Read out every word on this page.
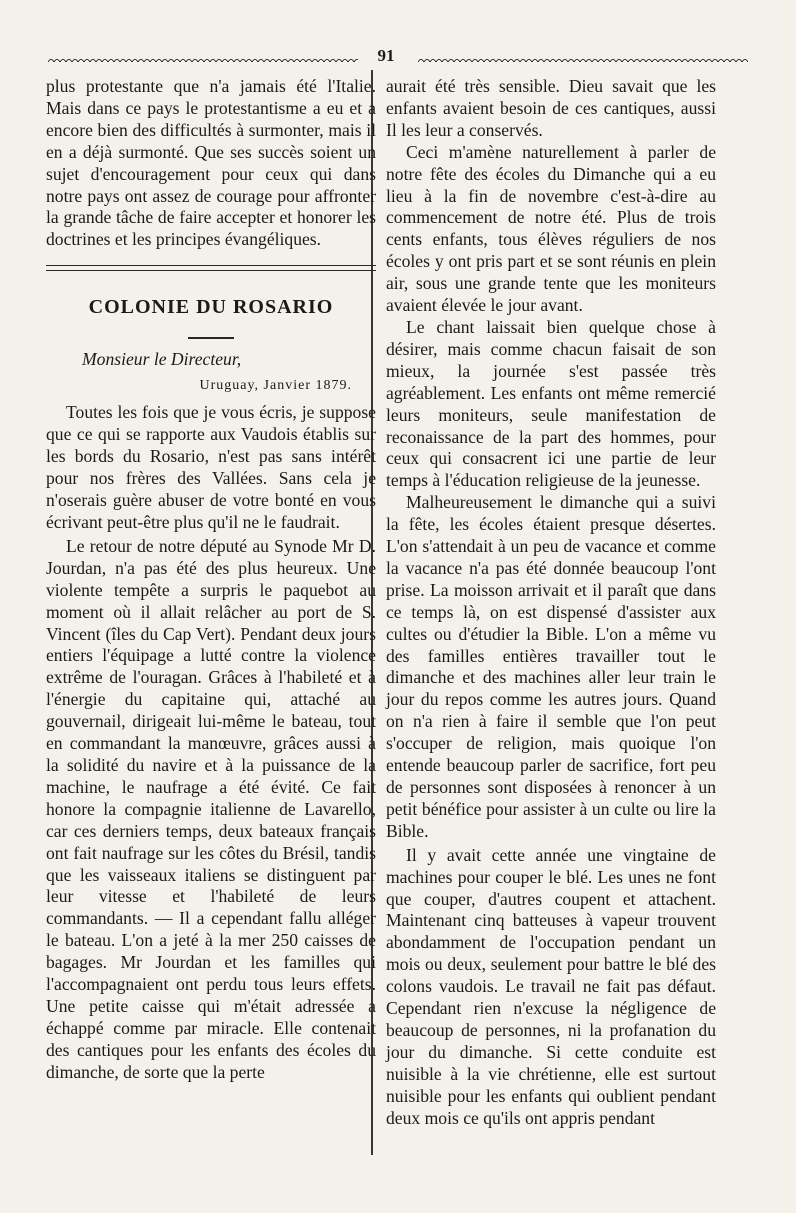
91

plus protestante que n'a jamais été l'Italie. Mais dans ce pays le protestantisme a eu et a encore bien des difficultés à surmonter, mais il en a déjà surmonté. Que ses succès soient un sujet d'encouragement pour ceux qui dans notre pays ont assez de courage pour affronter la grande tâche de faire accepter et honorer les doctrines et les principes évangéliques.

COLONIE DU ROSARIO

Monsieur le Directeur,

Uruguay, Janvier 1879.

Toutes les fois que je vous écris, je suppose que ce qui se rapporte aux Vaudois établis sur les bords du Rosario, n'est pas sans intérêt pour nos frères des Vallées. Sans cela je n'oserais guère abuser de votre bonté en vous écrivant peut-être plus qu'il ne le faudrait.

Le retour de notre député au Synode Mr D. Jourdan, n'a pas été des plus heureux. Une violente tempête a surpris le paquebot au moment où il allait relâcher au port de S. Vincent (îles du Cap Vert). Pendant deux jours entiers l'équipage a lutté contre la violence extrême de l'ouragan. Grâces à l'habileté et à l'énergie du capitaine qui, attaché au gouvernail, dirigeait lui-même le bateau, tout en commandant la manœuvre, grâces aussi à la solidité du navire et à la puissance de la machine, le naufrage a été évité. Ce fait honore la compagnie italienne de Lavarello, car ces derniers temps, deux bateaux français ont fait naufrage sur les côtes du Brésil, tandis que les vaisseaux italiens se distinguent par leur vitesse et l'habileté de leurs commandants. — Il a cependant fallu alléger le bateau. L'on a jeté à la mer 250 caisses de bagages. Mr Jourdan et les familles qui l'accompagnaient ont perdu tous leurs effets. Une petite caisse qui m'était adressée a échappé comme par miracle. Elle contenait des cantiques pour les enfants des écoles du dimanche, de sorte que la perte

aurait été très sensible. Dieu savait que les enfants avaient besoin de ces cantiques, aussi Il les leur a conservés.

Ceci m'amène naturellement à parler de notre fête des écoles du Dimanche qui a eu lieu à la fin de novembre c'est-à-dire au commencement de notre été. Plus de trois cents enfants, tous élèves réguliers de nos écoles y ont pris part et se sont réunis en plein air, sous une grande tente que les moniteurs avaient élevée le jour avant.

Le chant laissait bien quelque chose à désirer, mais comme chacun faisait de son mieux, la journée s'est passée très agréablement. Les enfants ont même remercié leurs moniteurs, seule manifestation de reconaissance de la part des hommes, pour ceux qui consacrent ici une partie de leur temps à l'éducation religieuse de la jeunesse.

Malheureusement le dimanche qui a suivi la fête, les écoles étaient presque désertes. L'on s'attendait à un peu de vacance et comme la vacance n'a pas été donnée beaucoup l'ont prise. La moisson arrivait et il paraît que dans ce temps là, on est dispensé d'assister aux cultes ou d'étudier la Bible. L'on a même vu des familles entières travailler tout le dimanche et des machines aller leur train le jour du repos comme les autres jours. Quand on n'a rien à faire il semble que l'on peut s'occuper de religion, mais quoique l'on entende beaucoup parler de sacrifice, fort peu de personnes sont disposées à renoncer à un petit bénéfice pour assister à un culte ou lire la Bible.

Il y avait cette année une vingtaine de machines pour couper le blé. Les unes ne font que couper, d'autres coupent et attachent. Maintenant cinq batteuses à vapeur trouvent abondamment de l'occupation pendant un mois ou deux, seulement pour battre le blé des colons vaudois. Le travail ne fait pas défaut. Cependant rien n'excuse la négligence de beaucoup de personnes, ni la profanation du jour du dimanche. Si cette conduite est nuisible à la vie chrétienne, elle est surtout nuisible pour les enfants qui oublient pendant deux mois ce qu'ils ont appris pendant
